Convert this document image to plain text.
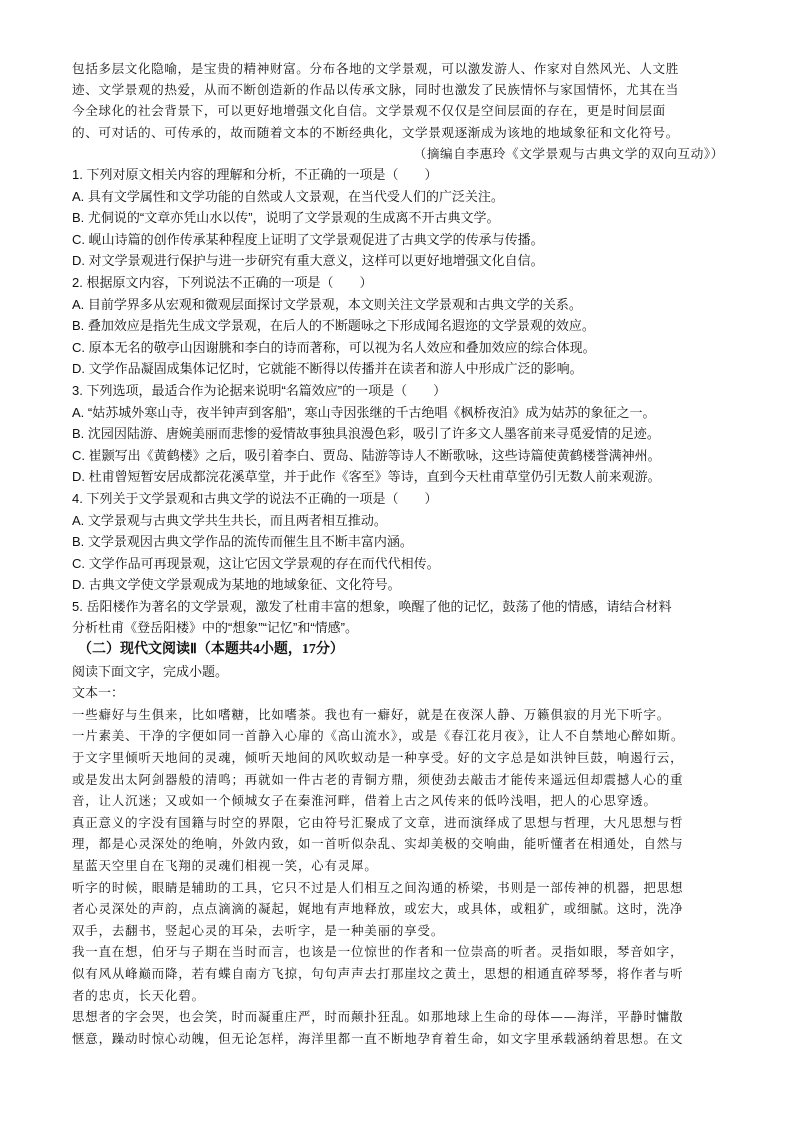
包括多层文化隐喻，是宝贵的精神财富。分布各地的文学景观，可以激发游人、作家对自然风光、人文胜
迹、文学景观的热爱，从而不断创造新的作品以传承文脉，同时也激发了民族情怀与家国情怀，尤其在当
今全球化的社会背景下，可以更好地增强文化自信。文学景观不仅仅是空间层面的存在，更是时间层面
的、可对话的、可传承的，故而随着文本的不断经典化，文学景观逐渐成为该地的地域象征和文化符号。
（摘编自李惠玲《文学景观与古典文学的双向互动》）
1. 下列对原文相关内容的理解和分析，不正确的一项是（　　）
A. 具有文学属性和文学功能的自然或人文景观，在当代受人们的广泛关注。
B. 尤侗说的“文章亦凭山水以传”，说明了文学景观的生成离不开古典文学。
C. 岘山诗篇的创作传承某种程度上证明了文学景观促进了古典文学的传承与传播。
D. 对文学景观进行保护与进一步研究有重大意义，这样可以更好地增强文化自信。
2. 根据原文内容，下列说法不正确的一项是（　　）
A. 目前学界多从宏观和微观层面探讨文学景观，本文则关注文学景观和古典文学的关系。
B. 叠加效应是指先生成文学景观，在后人的不断题咏之下形成闻名遐迩的文学景观的效应。
C. 原本无名的敬亭山因谢朓和李白的诗而著称，可以视为名人效应和叠加效应的综合体现。
D. 文学作品凝固成集体记忆时，它就能不断得以传播并在读者和游人中形成广泛的影响。
3. 下列选项，最适合作为论据来说明“名篇效应”的一项是（　　）
A. “姑苏城外寒山寺，夜半钟声到客船”，寒山寺因张继的千古绝唱《枫桥夜泊》成为姑苏的象征之一。
B. 沈园因陆游、唐婉美丽而悲惨的爱情故事独具浪漫色彩，吸引了许多文人墨客前来寻觅爱情的足迹。
C. 崔颢写出《黄鹤楼》之后，吸引着李白、贾岛、陆游等诗人不断歌咏，这些诗篇使黄鹤楼誉满神州。
D. 杜甫曾短暂安居成都浣花溪草堂，并于此作《客至》等诗，直到今天杜甫草堂仍引无数人前来观游。
4. 下列关于文学景观和古典文学的说法不正确的一项是（　　）
A. 文学景观与古典文学共生共长，而且两者相互推动。
B. 文学景观因古典文学作品的流传而催生且不断丰富内涵。
C. 文学作品可再现景观，这让它因文学景观的存在而代代相传。
D. 古典文学使文学景观成为某地的地域象征、文化符号。
5. 岳阳楼作为著名的文学景观，激发了杜甫丰富的想象，唤醒了他的记忆，鼓荡了他的情感，请结合材料
分析杜甫《登岳阳楼》中的“想象”“记忆”和“情感”。
（二）现代文阅读Ⅱ（本题共4小题，17分）
阅读下面文字，完成小题。
文本一：
一些癖好与生俱来，比如嗜糖，比如嗜茶。我也有一癖好，就是在夜深人静、万籁俱寂的月光下听字。
一片素美、干净的字便如同一首静入心扉的《高山流水》，或是《春江花月夜》，让人不自禁地心醉如斯。
于文字里倾听天地间的灵魂，倾听天地间的风吹蚁动是一种享受。好的文字总是如洪钟巨鼓，响遏行云，
或是发出太阿剑器般的清鸣；再就如一件古老的青铜方鼎，须使劲去敲击才能传来遥远但却震撼人心的重
音，让人沉迷；又或如一个倾城女子在秦淮河畔，借着上古之风传来的低吟浅唱，把人的心思穿透。
真正意义的字没有国籍与时空的界限，它由符号汇聚成了文章，进而演绎成了思想与哲理，大凡思想与哲
理，都是心灵深处的绝响，外敛内致，如一首听似杂乱、实却美极的交响曲，能听懂者在相通处，自然与
星蓝天空里自在飞翔的灵魂们相视一笑，心有灵犀。
听字的时候，眼睛是辅助的工具，它只不过是人们相互之间沟通的桥梁，书则是一部传神的机器，把思想
者心灵深处的声韵，点点滴滴的凝起，娓地有声地释放，或宏大，或具体，或粗犷，或细腻。这时，洗净
双手，去翻书，竖起心灵的耳朵，去听字，是一种美丽的享受。
我一直在想，伯牙与子期在当时而言，也该是一位惊世的作者和一位崇高的听者。灵指如眼，琴音如字，
似有风从峰巅而降，若有蝶自南方飞掠，句句声声去打那崖坟之黄土，思想的相通直碎琴琴，将作者与听
者的忠贞，长天化碧。
思想者的字会哭，也会笑，时而凝重庄严，时而颠扑狂乱。如那地球上生命的母体——海洋，平静时慵散
惬意，躁动时惊心动魄，但无论怎样，海洋里都一直不断地孕育着生命，如文字里承载涵纳着思想。在文
